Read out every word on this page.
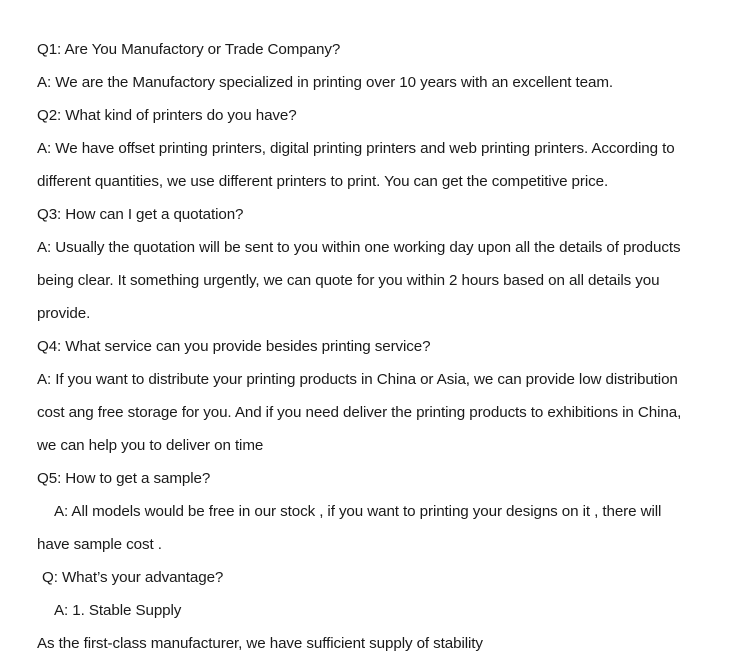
Q1: Are You Manufactory or Trade Company?
A: We are the Manufactory specialized in printing over 10 years with an excellent team.
Q2: What kind of printers do you have?
A: We have offset printing printers, digital printing printers and web printing printers. According to
different quantities, we use different printers to print. You can get the competitive price.
Q3: How can I get a quotation?
A: Usually the quotation will be sent to you within one working day upon all the details of products
being clear. It something urgently, we can quote for you within 2 hours based on all details you
provide.
Q4: What service can you provide besides printing service?
A: If you want to distribute your printing products in China or Asia, we can provide low distribution
cost ang free storage for you. And if you need deliver the printing products to exhibitions in China,
we can help you to deliver on time
Q5: How to get a sample?
A: All models would be free in our stock , if you want to printing your designs on it , there will
have sample cost .
Q: What’s your advantage?
A: 1. Stable Supply
As the first-class manufacturer, we have sufficient supply of stability
